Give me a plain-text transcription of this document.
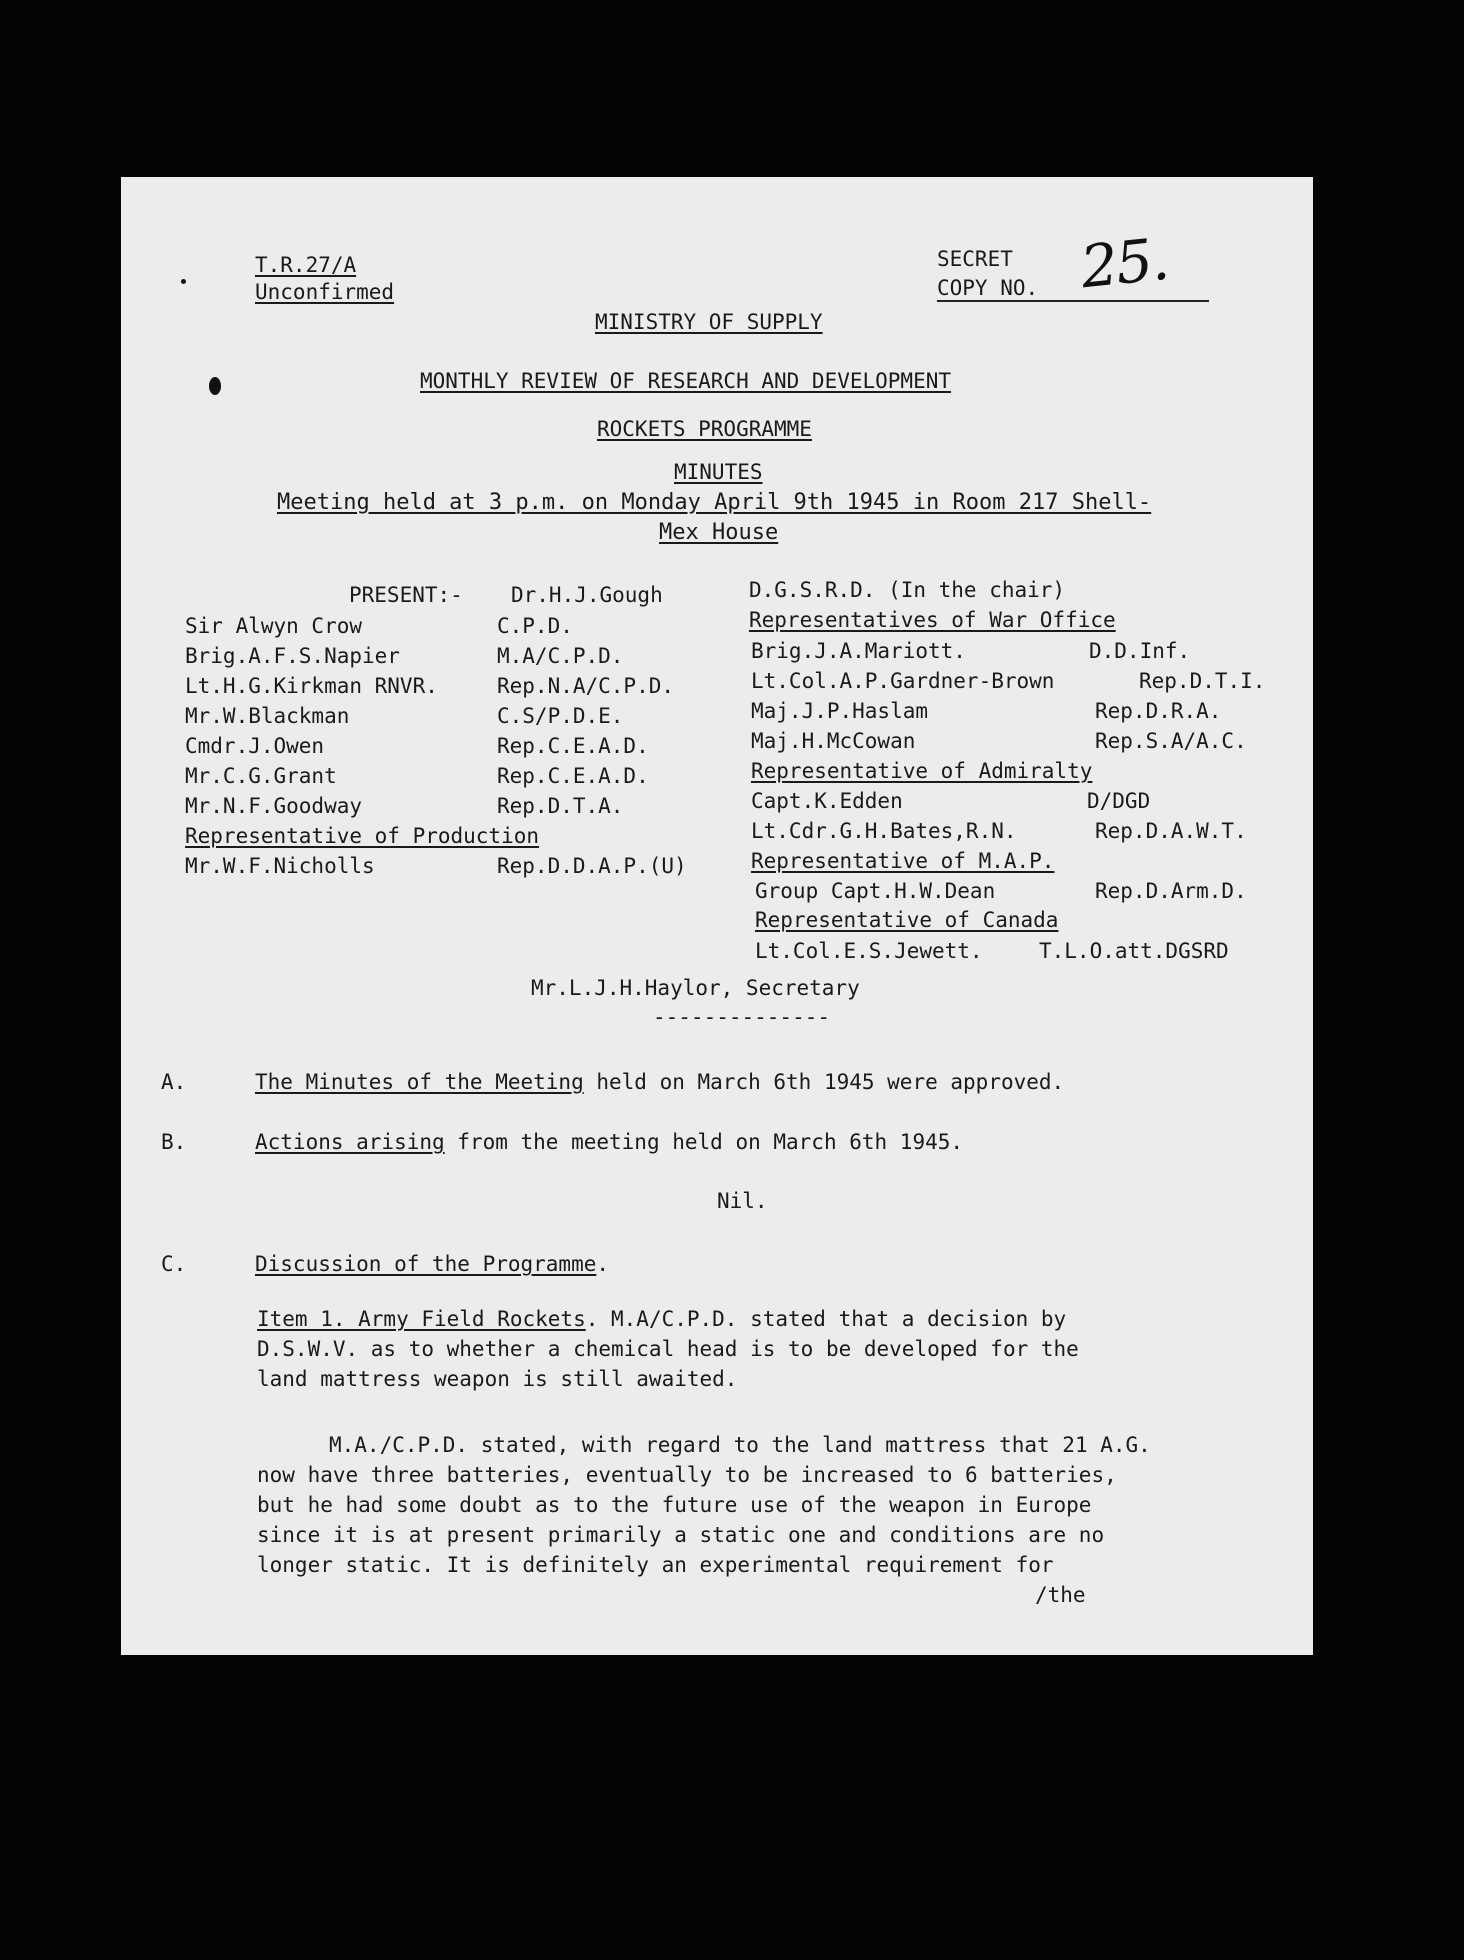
T.R.27/A
Unconfirmed
SECRET
COPY NO. 25.
MINISTRY OF SUPPLY
MONTHLY REVIEW OF RESEARCH AND DEVELOPMENT
ROCKETS PROGRAMME
MINUTES
Meeting held at 3 p.m. on Monday April 9th 1945 in Room 217 Shell-
Mex House
PRESENT:- Dr.H.J.Gough	D.G.S.R.D. (In the chair)
Sir Alwyn Crow	C.P.D.
Brig.A.F.S.Napier	M.A/C.P.D.
Lt.H.G.Kirkman RNVR.	Rep.N.A/C.P.D.
Mr.W.Blackman	C.S/P.D.E.
Cmdr.J.Owen	Rep.C.E.A.D.
Mr.C.G.Grant	Rep.C.E.A.D.
Mr.N.F.Goodway	Rep.D.T.A.
Representative of Production
Mr.W.F.Nicholls	Rep.D.D.A.P.(U)
Representatives of War Office
Brig.J.A.Mariott.	D.D.Inf.
Lt.Col.A.P.Gardner-Brown	Rep.D.T.I.
Maj.J.P.Haslam	Rep.D.R.A.
Maj.H.McCowan	Rep.S.A/A.C.
Representative of Admiralty
Capt.K.Edden	D/DGD
Lt.Cdr.G.H.Bates,R.N.	Rep.D.A.W.T.
Representative of M.A.P.
Group Capt.H.W.Dean	Rep.D.Arm.D.
Representative of Canada
Lt.Col.E.S.Jewett.	T.L.O.att.DGSRD
Mr.L.J.H.Haylor, Secretary
--------------
A.	The Minutes of the Meeting held on March 6th 1945 were approved.
B.	Actions arising from the meeting held on March 6th 1945.
Nil.
C.	Discussion of the Programme.
Item 1. Army Field Rockets. M.A/C.P.D. stated that a decision by
D.S.W.V. as to whether a chemical head is to be developed for the
land mattress weapon is still awaited.
M.A./C.P.D. stated, with regard to the land mattress that 21 A.G.
now have three batteries, eventually to be increased to 6 batteries,
but he had some doubt as to the future use of the weapon in Europe
since it is at present primarily a static one and conditions are no
longer static. It is definitely an experimental requirement for
/the
